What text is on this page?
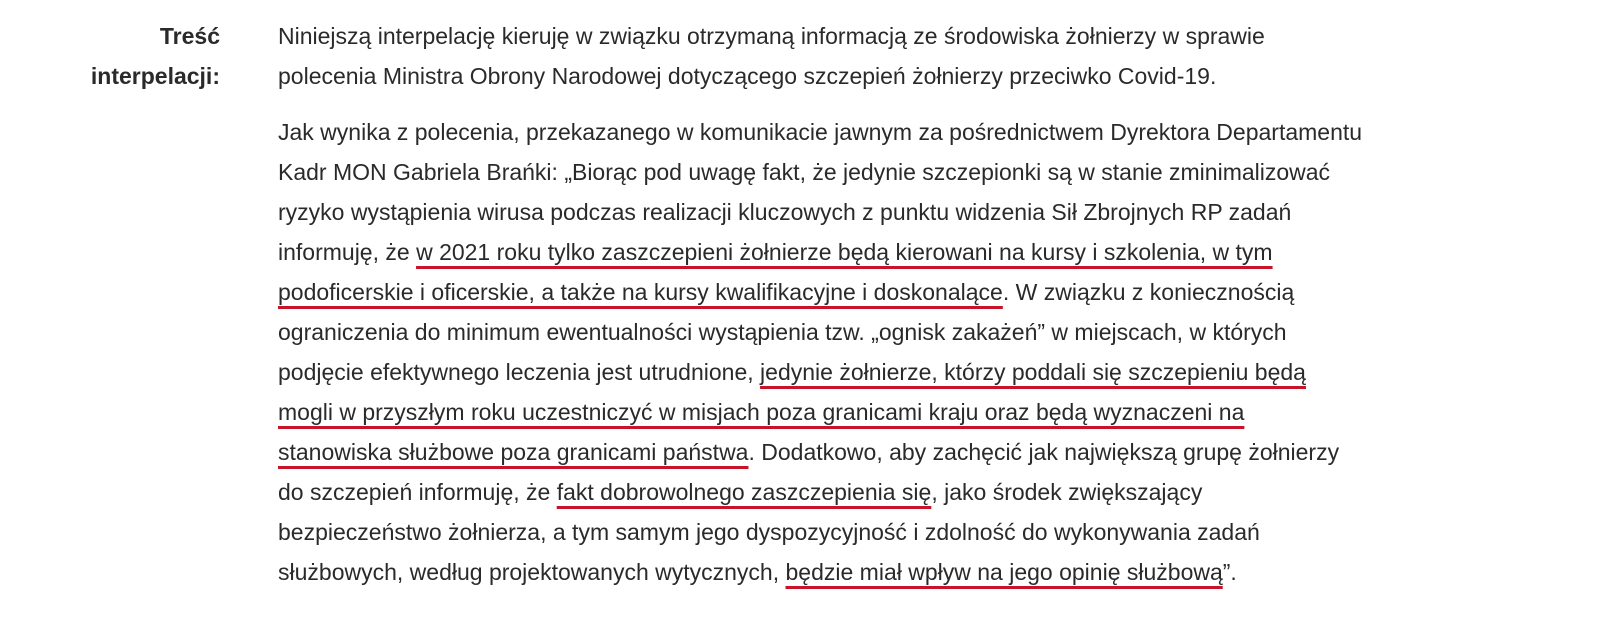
Treść
interpelacji:

Niniejszą interpelację kieruję w związku otrzymaną informacją ze środowiska żołnierzy w sprawie
polecenia Ministra Obrony Narodowej dotyczącego szczepień żołnierzy przeciwko Covid-19.

Jak wynika z polecenia, przekazanego w komunikacie jawnym za pośrednictwem Dyrektora Departamentu
Kadr MON Gabriela Brańki: „Biorąc pod uwagę fakt, że jedynie szczepionki są w stanie zminimalizować
ryzyko wystąpienia wirusa podczas realizacji kluczowych z punktu widzenia Sił Zbrojnych RP zadań
informuję, że w 2021 roku tylko zaszczepieni żołnierze będą kierowani na kursy i szkolenia, w tym
podoficerskie i oficerskie, a także na kursy kwalifikacyjne i doskonalące. W związku z koniecznością
ograniczenia do minimum ewentualności wystąpienia tzw. „ognisk zakażeń” w miejscach, w których
podjęcie efektywnego leczenia jest utrudnione, jedynie żołnierze, którzy poddali się szczepieniu będą
mogli w przyszłym roku uczestniczyć w misjach poza granicami kraju oraz będą wyznaczeni na
stanowiska służbowe poza granicami państwa. Dodatkowo, aby zachęcić jak największą grupę żołnierzy
do szczepień informuję, że fakt dobrowolnego zaszczepienia się, jako środek zwiększający
bezpieczeństwo żołnierza, a tym samym jego dyspozycyjność i zdolność do wykonywania zadań
służbowych, według projektowanych wytycznych, będzie miał wpływ na jego opinię służbową”.
